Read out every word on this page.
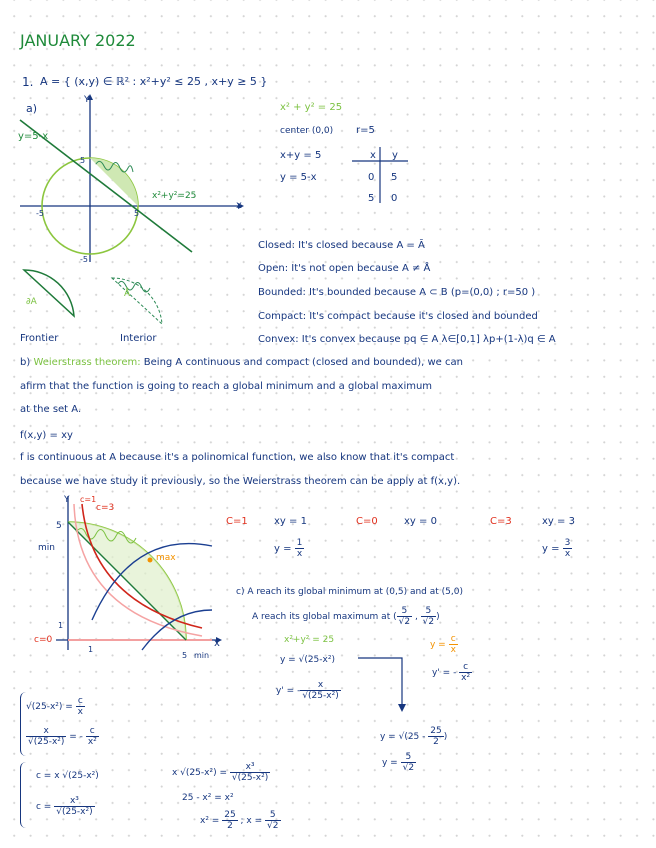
JANUARY 2022
1. A = { (x,y) ∈ ℝ² : x²+y² ≤ 25 , x+y ≥ 5 }
a)
y=5-x
Y
x
x²+y²=25
-5	5
5
-5
x² + y² = 25
center (0,0) r=5
x+y = 5
y = 5-x
x y
0 5
5 0
∂A
Å
Frontier	Interior
Closed: It's closed because A = Ā
Open: It's not open because A ≠ Å
Bounded: It's bounded because A ⊂ B (p=(0,0) ; r=50 )
Compact: It's compact because it's closed and bounded
Convex: It's convex because pq ∈ A λ∈[0,1] λp+(1-λ)q ∈ A
b) Weierstrass theorem: Being A continuous and compact (closed and bounded), we can
afirm that the function is going to reach a global minimum and a global maximum
at the set A.
f(x,y) = xy
f is continuous at A because it's a polinomical function, we also know that it's compact
because we have study it previously, so the Weierstrass theorem can be apply at f(x,y).
Y c=1
c=3
min
5
1
c=0
max
1
5 min
x
C=1	xy = 1
$y = \frac{1}{x}$
C=0	xy = 0	C=3	xy = 3
$y = \frac{3}{x}$
c) A reach its global minimum at (0,5) and at (5,0)
A reach its global maximum at ( $\frac{5}{√2}$ , $\frac{5}{√2}$ )
x²+y² = 25
y = √(25-x²)
y' = - $\frac{x}{\text{√(25-x²)}}$
$y = \frac{c}{x}$
y' = - $\frac{c}{\text{x²}}$
$y = √(25 - \frac{25}{2}$ )
$y = \frac{5}{√2}$
$√(25-x^2) = \frac{c}{x}$
$\frac{x}{\text{√(25-x²)}}$ = - $\frac{c}{\text{x²}}$
c = x √(25-x²)
$c = \frac{\text{x³}}{\text{√(25-x²)}}$
x $√(25-x^2) = \frac{\text{x³}}{\text{√(25-x²)}}$
25 - x² = x²
$x^2 = \frac{25}{2}$ ; $x = \frac{5}{√2}$
